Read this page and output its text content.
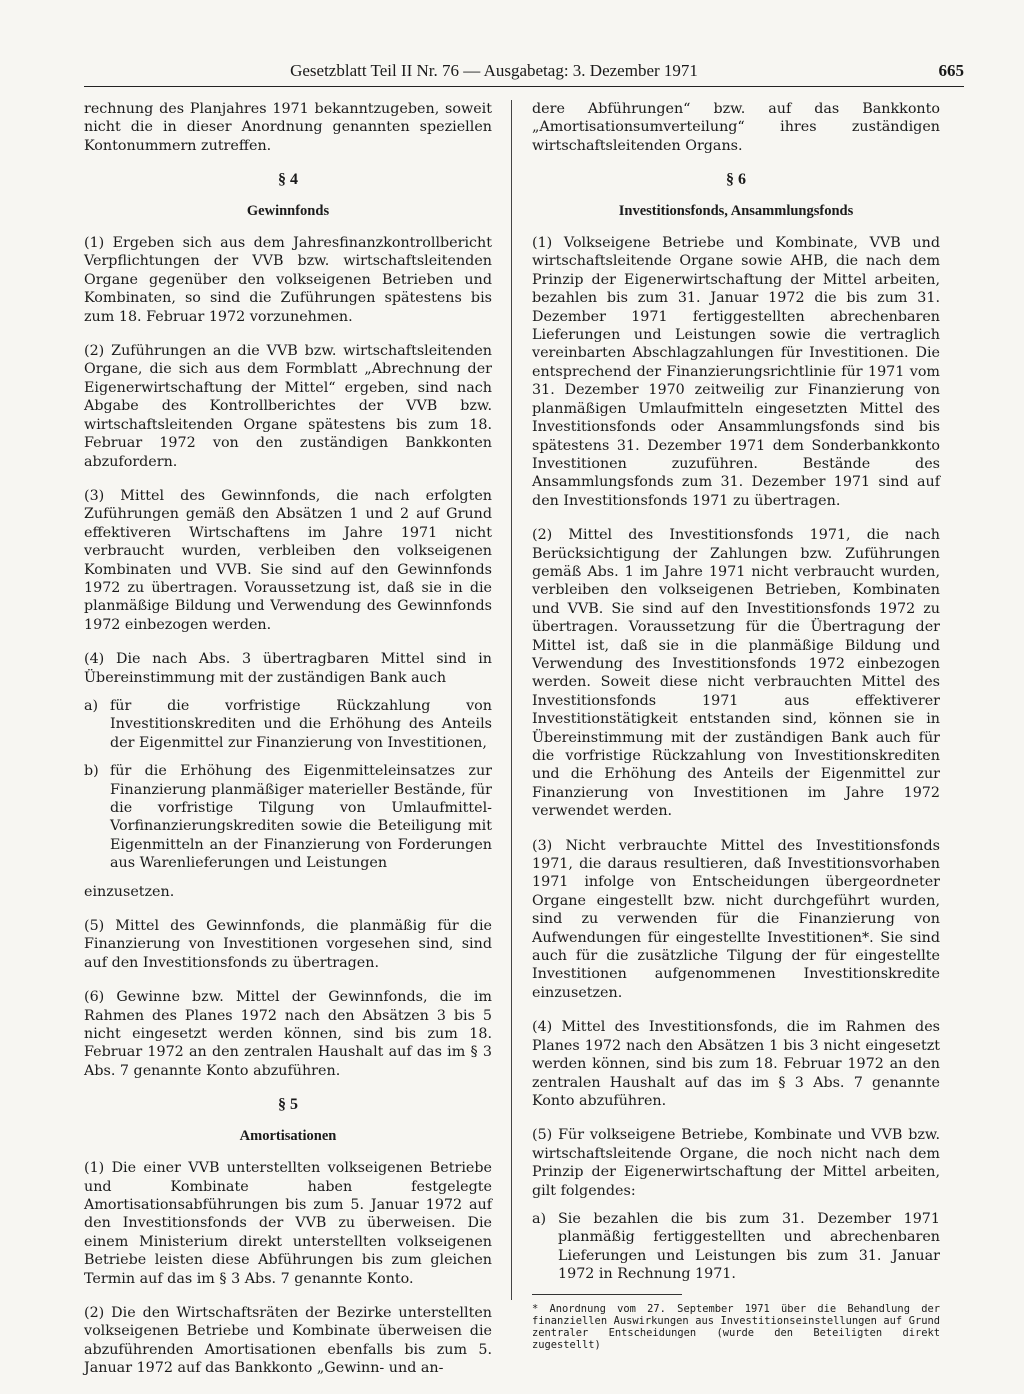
Gesetzblatt Teil II Nr. 76 — Ausgabetag: 3. Dezember 1971	665

rechnung des Planjahres 1971 bekanntzugeben, soweit nicht die in dieser Anordnung genannten speziellen Kontonummern zutreffen.

§ 4
Gewinnfonds

(1) Ergeben sich aus dem Jahresfinanzkontrollbericht Verpflichtungen der VVB bzw. wirtschaftsleitenden Organe gegenüber den volkseigenen Betrieben und Kombinaten, so sind die Zuführungen spätestens bis zum 18. Februar 1972 vorzunehmen.

(2) Zuführungen an die VVB bzw. wirtschaftsleitenden Organe, die sich aus dem Formblatt „Abrechnung der Eigenerwirtschaftung der Mittel“ ergeben, sind nach Abgabe des Kontrollberichtes der VVB bzw. wirtschaftsleitenden Organe spätestens bis zum 18. Februar 1972 von den zuständigen Bankkonten abzufordern.

(3) Mittel des Gewinnfonds, die nach erfolgten Zuführungen gemäß den Absätzen 1 und 2 auf Grund effektiveren Wirtschaftens im Jahre 1971 nicht verbraucht wurden, verbleiben den volkseigenen Kombinaten und VVB. Sie sind auf den Gewinnfonds 1972 zu übertragen. Voraussetzung ist, daß sie in die planmäßige Bildung und Verwendung des Gewinnfonds 1972 einbezogen werden.

(4) Die nach Abs. 3 übertragbaren Mittel sind in Übereinstimmung mit der zuständigen Bank auch

a) für die vorfristige Rückzahlung von Investitionskrediten und die Erhöhung des Anteils der Eigenmittel zur Finanzierung von Investitionen,
b) für die Erhöhung des Eigenmitteleinsatzes zur Finanzierung planmäßiger materieller Bestände, für die vorfristige Tilgung von Umlaufmittel-Vorfinanzierungskrediten sowie die Beteiligung mit Eigenmitteln an der Finanzierung von Forderungen aus Warenlieferungen und Leistungen

einzusetzen.

(5) Mittel des Gewinnfonds, die planmäßig für die Finanzierung von Investitionen vorgesehen sind, sind auf den Investitionsfonds zu übertragen.

(6) Gewinne bzw. Mittel der Gewinnfonds, die im Rahmen des Planes 1972 nach den Absätzen 3 bis 5 nicht eingesetzt werden können, sind bis zum 18. Februar 1972 an den zentralen Haushalt auf das im § 3 Abs. 7 genannte Konto abzuführen.

§ 5
Amortisationen

(1) Die einer VVB unterstellten volkseigenen Betriebe und Kombinate haben festgelegte Amortisationsabführungen bis zum 5. Januar 1972 auf den Investitionsfonds der VVB zu überweisen. Die einem Ministerium direkt unterstellten volkseigenen Betriebe leisten diese Abführungen bis zum gleichen Termin auf das im § 3 Abs. 7 genannte Konto.

(2) Die den Wirtschaftsräten der Bezirke unterstellten volkseigenen Betriebe und Kombinate überweisen die abzuführenden Amortisationen ebenfalls bis zum 5. Januar 1972 auf das Bankkonto „Gewinn- und an-

dere Abführungen“ bzw. auf das Bankkonto „Amortisationsumverteilung“ ihres zuständigen wirtschaftsleitenden Organs.

§ 6
Investitionsfonds, Ansammlungsfonds

(1) Volkseigene Betriebe und Kombinate, VVB und wirtschaftsleitende Organe sowie AHB, die nach dem Prinzip der Eigenerwirtschaftung der Mittel arbeiten, bezahlen bis zum 31. Januar 1972 die bis zum 31. Dezember 1971 fertiggestellten abrechenbaren Lieferungen und Leistungen sowie die vertraglich vereinbarten Abschlagzahlungen für Investitionen. Die entsprechend der Finanzierungsrichtlinie für 1971 vom 31. Dezember 1970 zeitweilig zur Finanzierung von planmäßigen Umlaufmitteln eingesetzten Mittel des Investitionsfonds oder Ansammlungsfonds sind bis spätestens 31. Dezember 1971 dem Sonderbankkonto Investitionen zuzuführen. Bestände des Ansammlungsfonds zum 31. Dezember 1971 sind auf den Investitionsfonds 1971 zu übertragen.

(2) Mittel des Investitionsfonds 1971, die nach Berücksichtigung der Zahlungen bzw. Zuführungen gemäß Abs. 1 im Jahre 1971 nicht verbraucht wurden, verbleiben den volkseigenen Betrieben, Kombinaten und VVB. Sie sind auf den Investitionsfonds 1972 zu übertragen. Voraussetzung für die Übertragung der Mittel ist, daß sie in die planmäßige Bildung und Verwendung des Investitionsfonds 1972 einbezogen werden. Soweit diese nicht verbrauchten Mittel des Investitionsfonds 1971 aus effektiverer Investitionstätigkeit entstanden sind, können sie in Übereinstimmung mit der zuständigen Bank auch für die vorfristige Rückzahlung von Investitionskrediten und die Erhöhung des Anteils der Eigenmittel zur Finanzierung von Investitionen im Jahre 1972 verwendet werden.

(3) Nicht verbrauchte Mittel des Investitionsfonds 1971, die daraus resultieren, daß Investitionsvorhaben 1971 infolge von Entscheidungen übergeordneter Organe eingestellt bzw. nicht durchgeführt wurden, sind zu verwenden für die Finanzierung von Aufwendungen für eingestellte Investitionen*. Sie sind auch für die zusätzliche Tilgung der für eingestellte Investitionen aufgenommenen Investitionskredite einzusetzen.

(4) Mittel des Investitionsfonds, die im Rahmen des Planes 1972 nach den Absätzen 1 bis 3 nicht eingesetzt werden können, sind bis zum 18. Februar 1972 an den zentralen Haushalt auf das im § 3 Abs. 7 genannte Konto abzuführen.

(5) Für volkseigene Betriebe, Kombinate und VVB bzw. wirtschaftsleitende Organe, die noch nicht nach dem Prinzip der Eigenerwirtschaftung der Mittel arbeiten, gilt folgendes:

a) Sie bezahlen die bis zum 31. Dezember 1971 planmäßig fertiggestellten und abrechenbaren Lieferungen und Leistungen bis zum 31. Januar 1972 in Rechnung 1971.

* Anordnung vom 27. September 1971 über die Behandlung der finanziellen Auswirkungen aus Investitionseinstellungen auf Grund zentraler Entscheidungen (wurde den Beteiligten direkt zugestellt)
